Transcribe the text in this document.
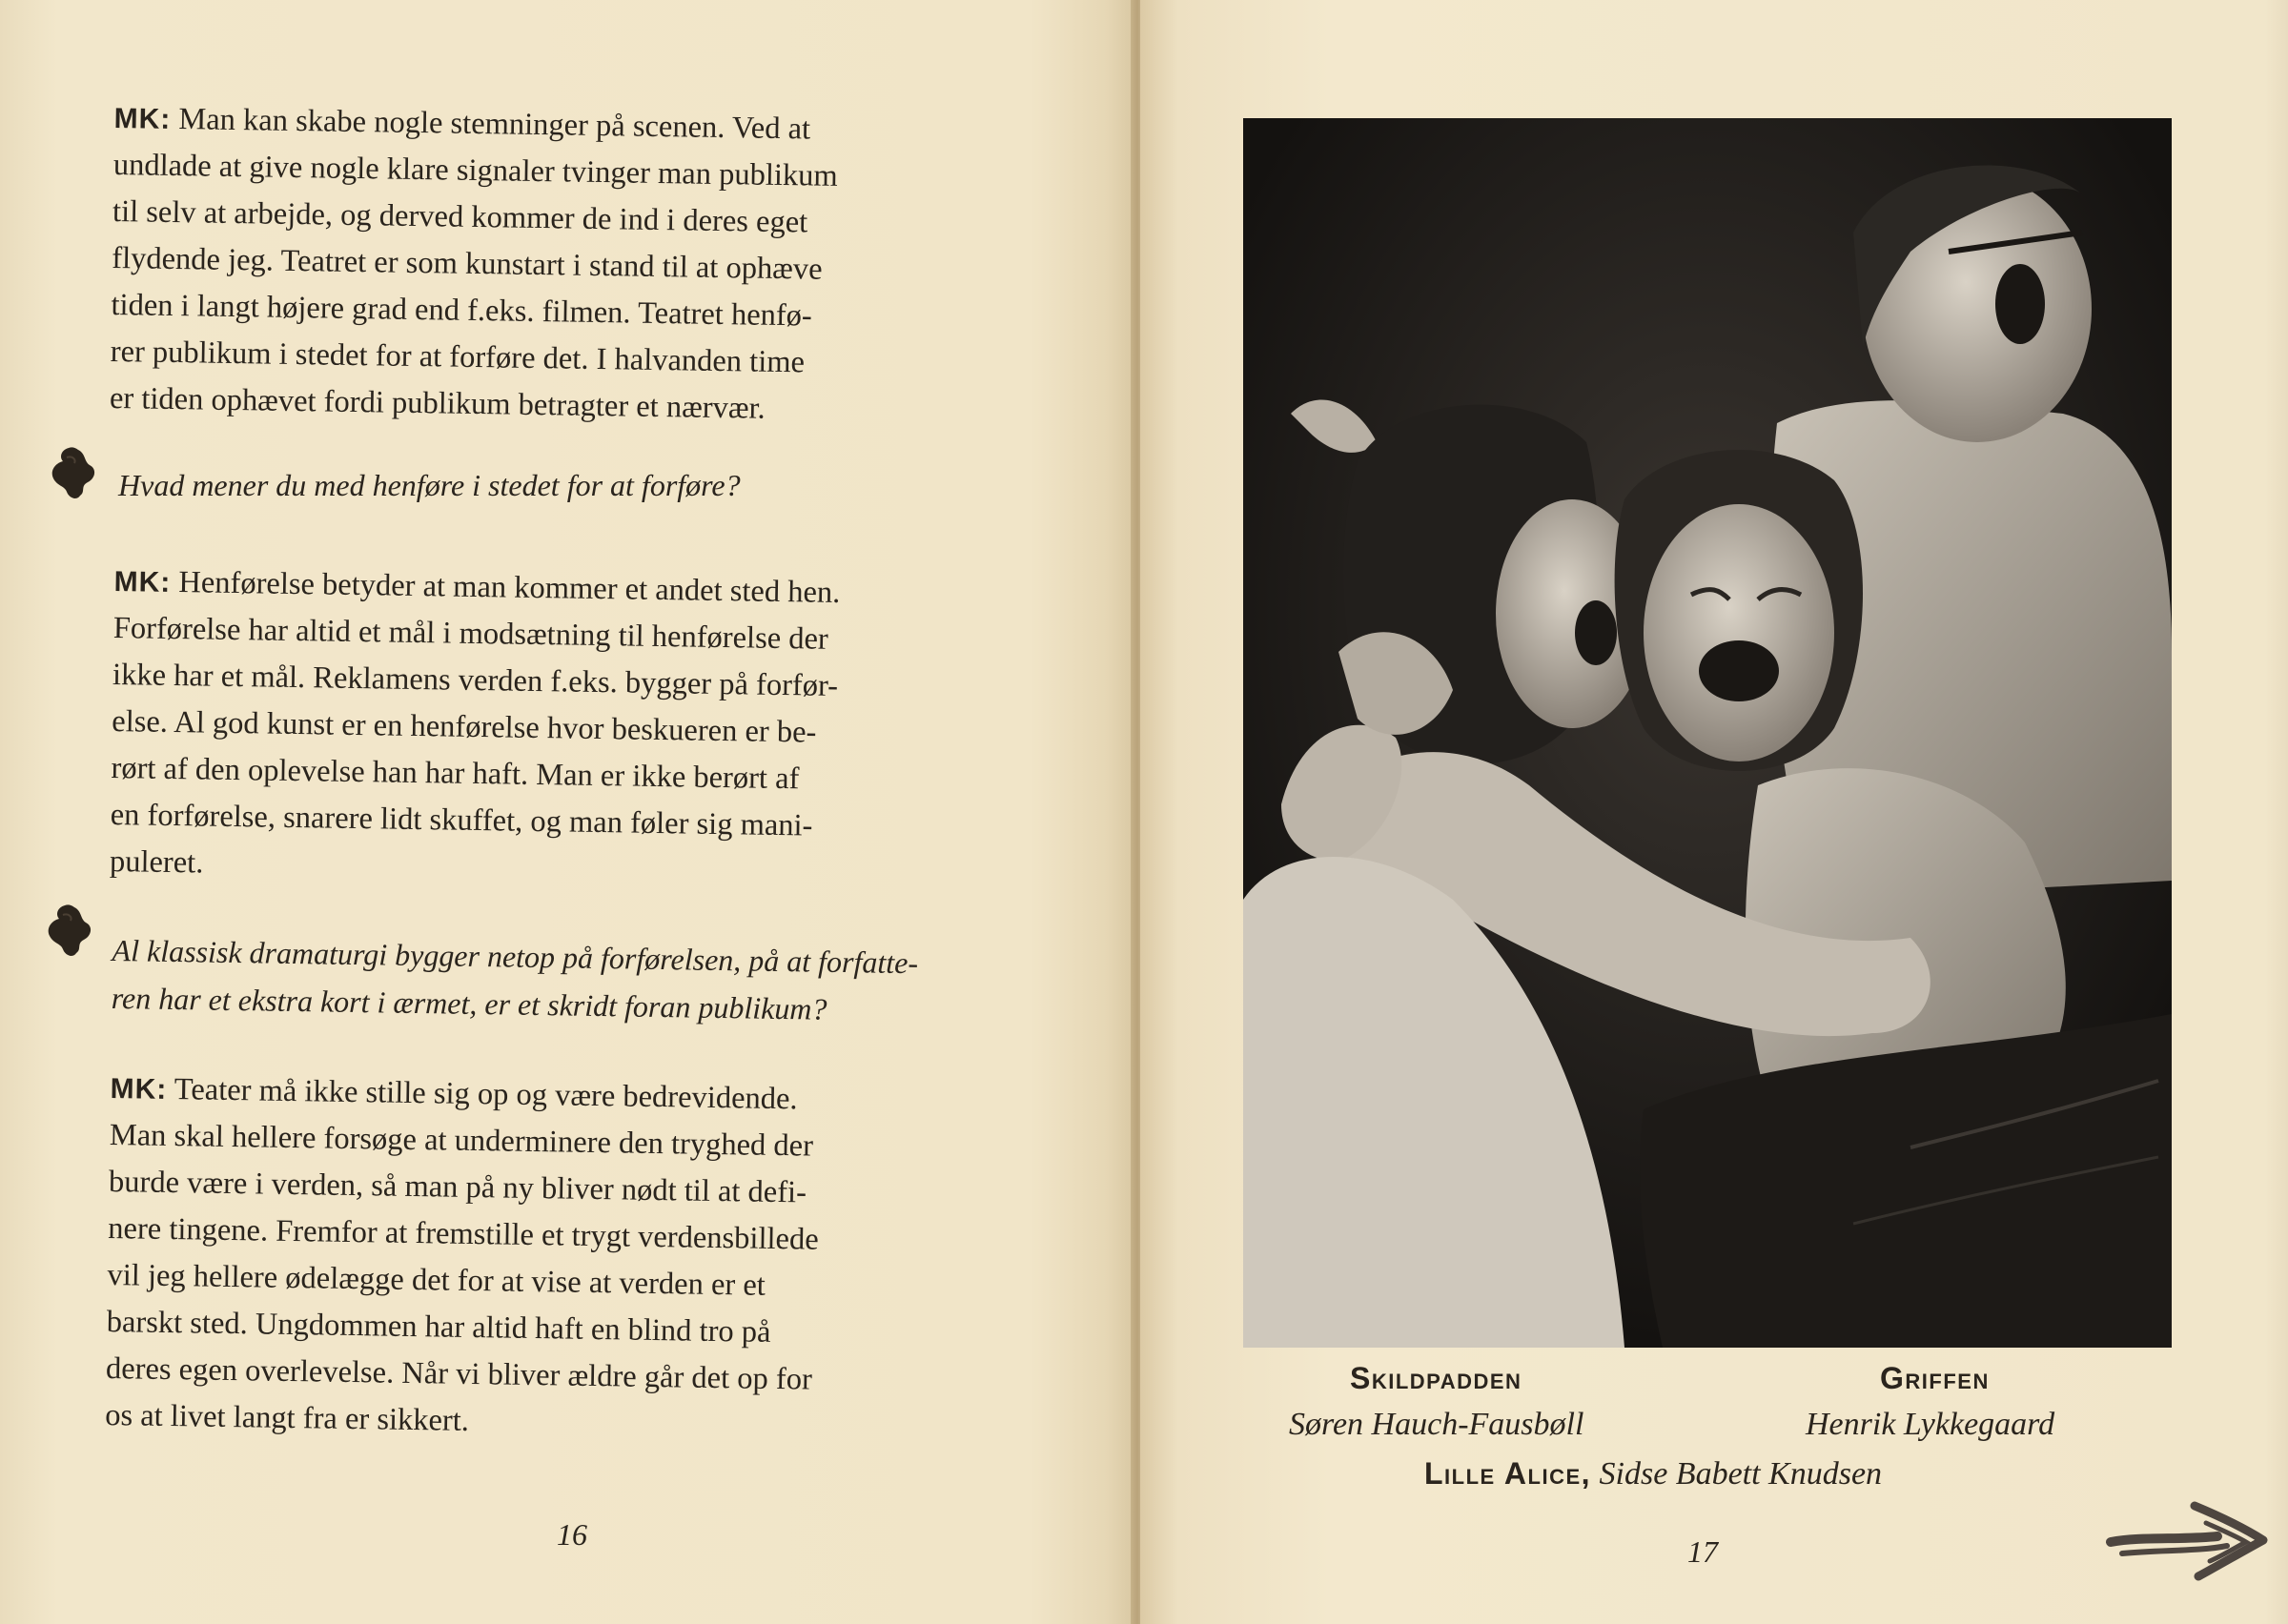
MK: Man kan skabe nogle stemninger på scenen. Ved at

undlade at give nogle klare signaler tvinger man publikum

til selv at arbejde, og derved kommer de ind i deres eget

flydende jeg. Teatret er som kunstart i stand til at ophæve

tiden i langt højere grad end f.eks. filmen. Teatret henfø-

rer publikum i stedet for at forføre det. I halvanden time

er tiden ophævet fordi publikum betragter et nærvær.

Hvad mener du med henføre i stedet for at forføre?

MK: Henførelse betyder at man kommer et andet sted hen.

Forførelse har altid et mål i modsætning til henførelse der

ikke har et mål. Reklamens verden f.eks. bygger på forfør-

else. Al god kunst er en henførelse hvor beskueren er be-

rørt af den oplevelse han har haft. Man er ikke berørt af

en forførelse, snarere lidt skuffet, og man føler sig mani-

puleret.

Al klassisk dramaturgi bygger netop på forførelsen, på at forfatte-
ren har et ekstra kort i ærmet, er et skridt foran publikum?

MK: Teater må ikke stille sig op og være bedrevidende.

Man skal hellere forsøge at underminere den tryghed der

burde være i verden, så man på ny bliver nødt til at defi-

nere tingene. Fremfor at fremstille et trygt verdensbillede

vil jeg hellere ødelægge det for at vise at verden er et

barskt sted. Ungdommen har altid haft en blind tro på

deres egen overlevelse. Når vi bliver ældre går det op for

os at livet langt fra er sikkert.

16
Skildpadden
Søren Hauch-Fausbøll
Griffen
Henrik Lykkegaard
Lille Alice, Sidse Babett Knudsen
17
